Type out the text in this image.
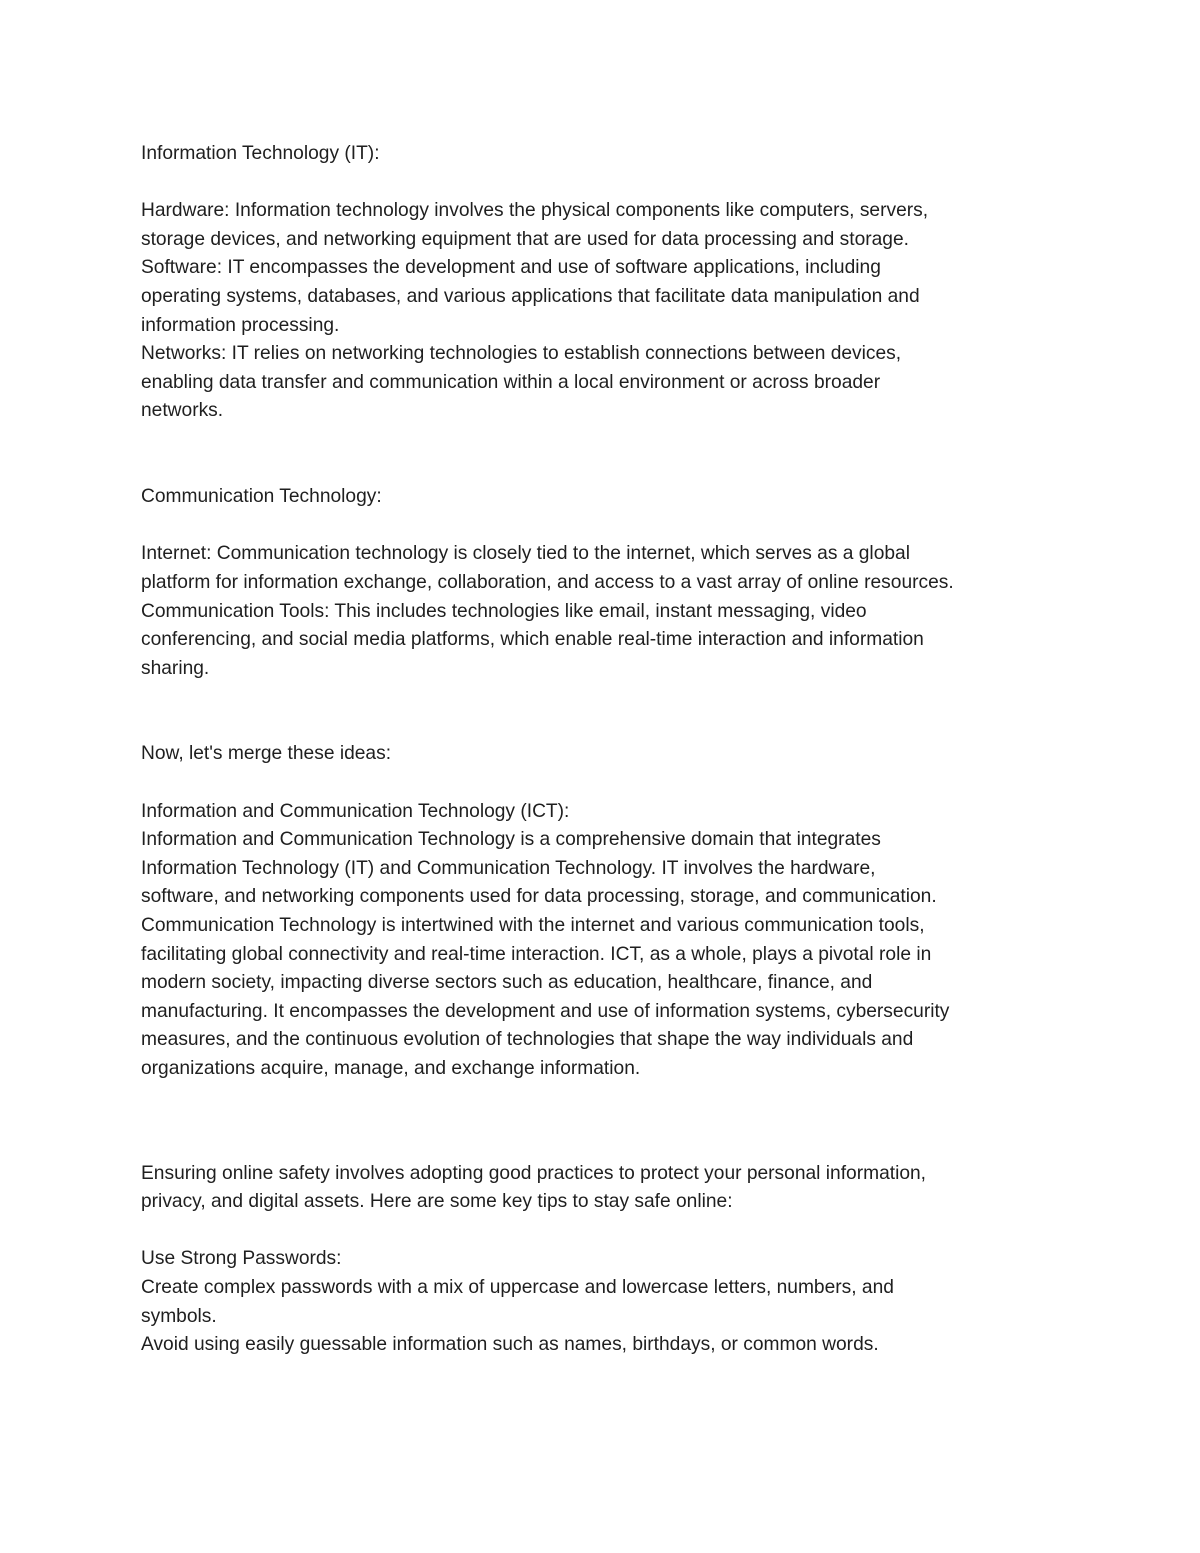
Information Technology (IT):
Hardware: Information technology involves the physical components like computers, servers,
storage devices, and networking equipment that are used for data processing and storage.
Software: IT encompasses the development and use of software applications, including
operating systems, databases, and various applications that facilitate data manipulation and
information processing.
Networks: IT relies on networking technologies to establish connections between devices,
enabling data transfer and communication within a local environment or across broader
networks.
Communication Technology:
Internet: Communication technology is closely tied to the internet, which serves as a global
platform for information exchange, collaboration, and access to a vast array of online resources.
Communication Tools: This includes technologies like email, instant messaging, video
conferencing, and social media platforms, which enable real-time interaction and information
sharing.
Now, let's merge these ideas:
Information and Communication Technology (ICT):
Information and Communication Technology is a comprehensive domain that integrates
Information Technology (IT) and Communication Technology. IT involves the hardware,
software, and networking components used for data processing, storage, and communication.
Communication Technology is intertwined with the internet and various communication tools,
facilitating global connectivity and real-time interaction. ICT, as a whole, plays a pivotal role in
modern society, impacting diverse sectors such as education, healthcare, finance, and
manufacturing. It encompasses the development and use of information systems, cybersecurity
measures, and the continuous evolution of technologies that shape the way individuals and
organizations acquire, manage, and exchange information.
Ensuring online safety involves adopting good practices to protect your personal information,
privacy, and digital assets. Here are some key tips to stay safe online:
Use Strong Passwords:
Create complex passwords with a mix of uppercase and lowercase letters, numbers, and
symbols.
Avoid using easily guessable information such as names, birthdays, or common words.
